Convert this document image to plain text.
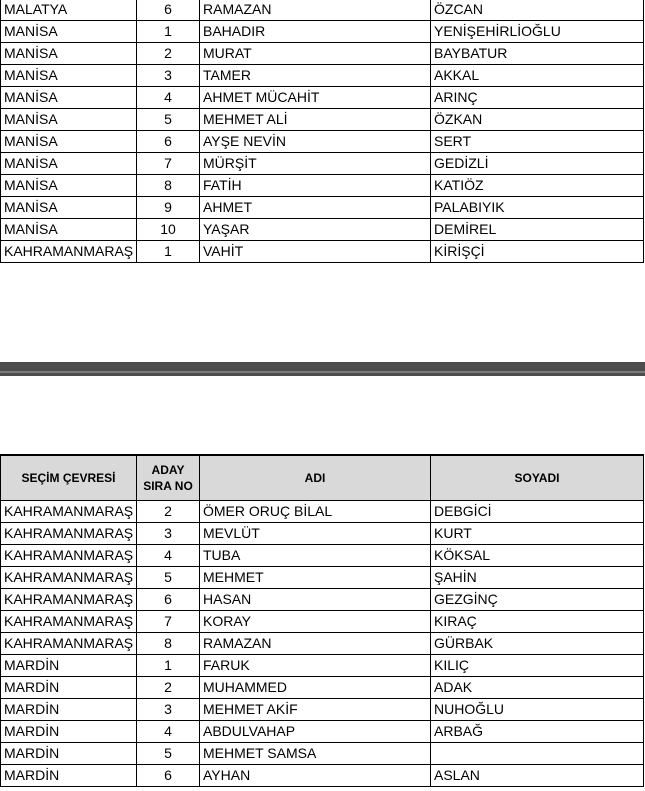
MALATYA	6	RAMAZAN	ÖZCAN
MANİSA	1	BAHADIR	YENİŞEHİRLİOĞLU
MANİSA	2	MURAT	BAYBATUR
MANİSA	3	TAMER	AKKAL
MANİSA	4	AHMET MÜCAHİT	ARINÇ
MANİSA	5	MEHMET ALİ	ÖZKAN
MANİSA	6	AYŞE NEVİN	SERT
MANİSA	7	MÜRŞİT	GEDİZLİ
MANİSA	8	FATİH	KATIÖZ
MANİSA	9	AHMET	PALABIYIK
MANİSA	10	YAŞAR	DEMİREL
KAHRAMANMARAŞ	1	VAHİT	KİRİŞÇİ
SEÇİM ÇEVRESİ	ADAY SIRA NO	ADI	SOYADI
KAHRAMANMARAŞ	2	ÖMER ORUÇ BİLAL	DEBGİCİ
KAHRAMANMARAŞ	3	MEVLÜT	KURT
KAHRAMANMARAŞ	4	TUBA	KÖKSAL
KAHRAMANMARAŞ	5	MEHMET	ŞAHİN
KAHRAMANMARAŞ	6	HASAN	GEZGİNÇ
KAHRAMANMARAŞ	7	KORAY	KIRAÇ
KAHRAMANMARAŞ	8	RAMAZAN	GÜRBAK
MARDİN	1	FARUK	KILIÇ
MARDİN	2	MUHAMMED	ADAK
MARDİN	3	MEHMET AKİF	NUHOĞLU
MARDİN	4	ABDULVAHAP	ARBAĞ
MARDİN	5	MEHMET SAMSA	
MARDİN	6	AYHAN	ASLAN
